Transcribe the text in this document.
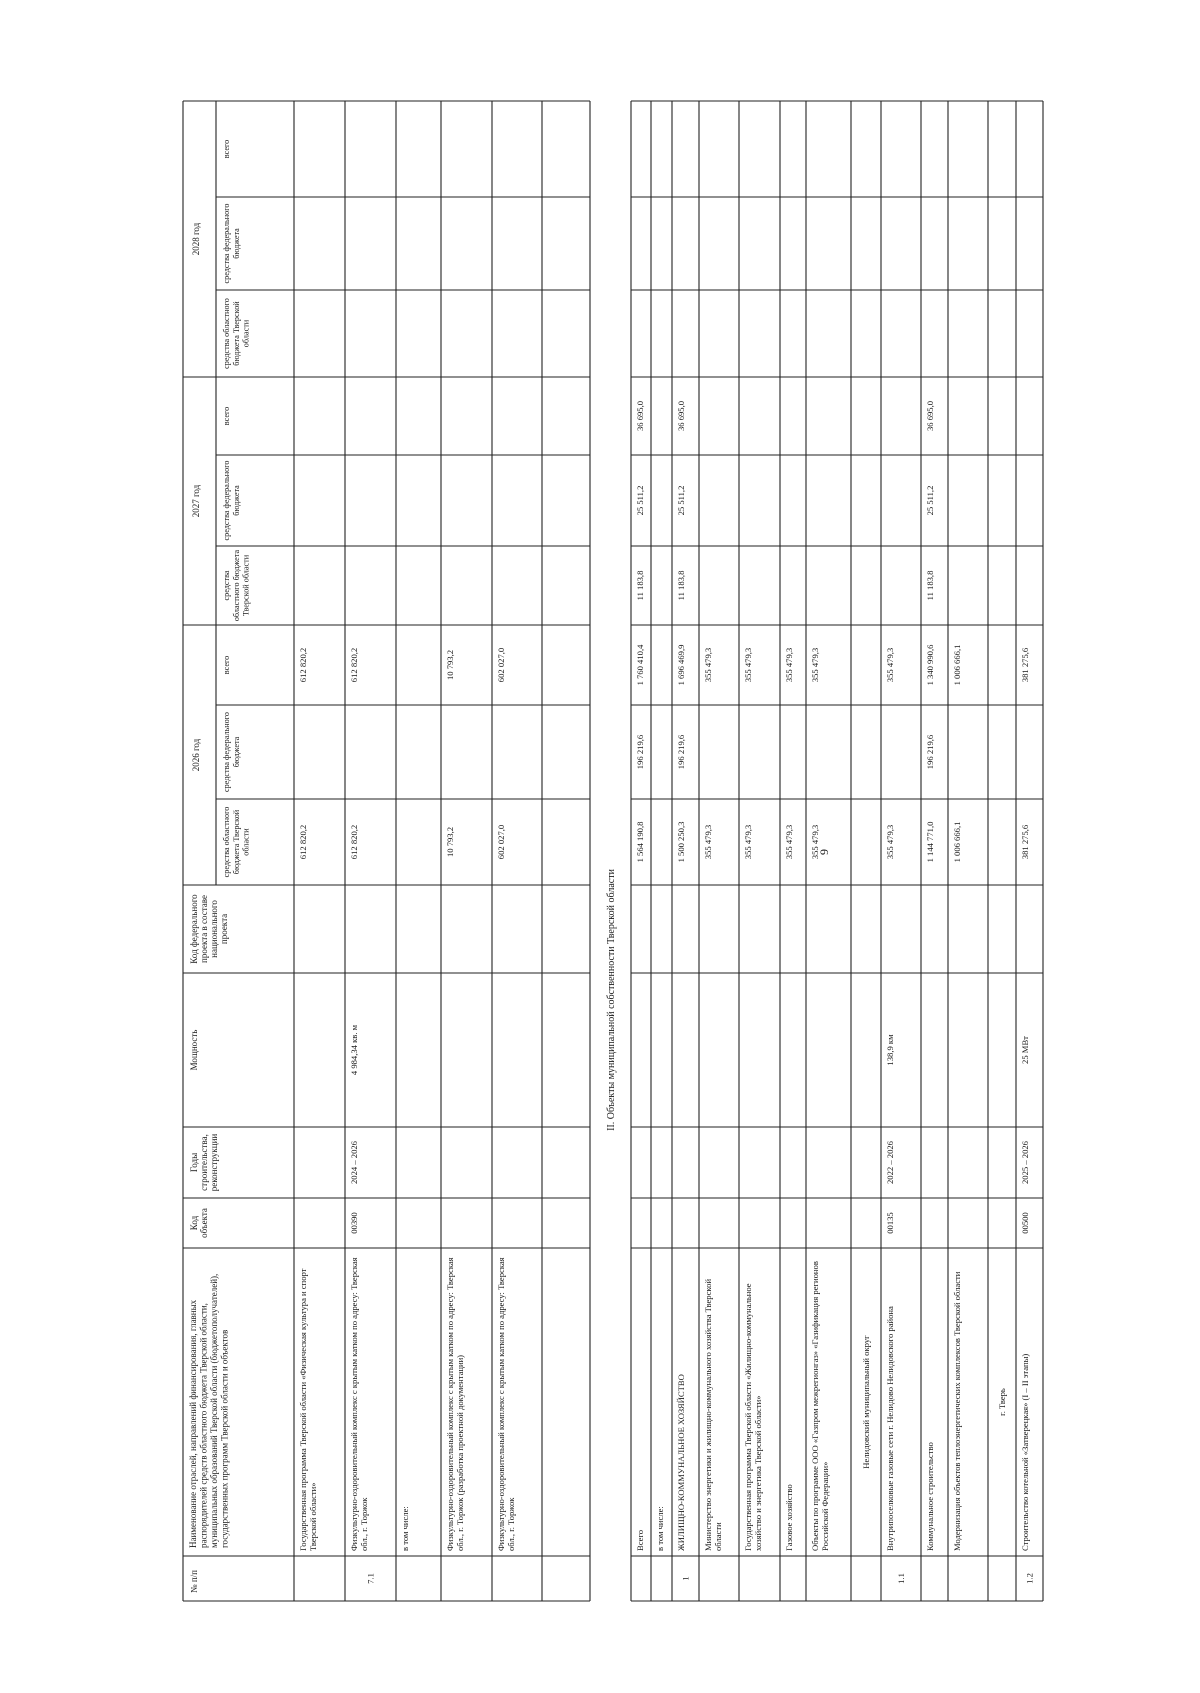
9
II. Объекты муниципальной собственности Тверской области
№ п/п
Наименование отраслей, направлений финансирования, главныхраспорядителей средств областного бюджета Тверской области,муниципальных образований Тверской области (бюджетополучателей),государственных программ Тверской области и объектов
Кодобъекта
Годыстроительства,реконструкции
Мощность
Код федеральногопроекта в составенациональногопроекта
2026 год
средства областногобюджета Тверскойобласти
средства федеральногобюджета
всего
2027 год
средстваобластного бюджетаТверской области
средства федеральногобюджета
всего
2028 год
средства областногобюджета Тверскойобласти
средства федеральногобюджета
всего
Государственная программа Тверской области «Физическая культура и спортТверской области»
612 820,2
612 820,2
7.1
Физкультурно-оздоровительный комплекс с крытым катком по адресу: Тверскаяобл., г. Торжок
00390
2024 – 2026
4 984,34 кв. м
612 820,2
612 820,2
в том числе:	Физкультурно-оздоровительный комплекс с крытым катком по адресу: Тверскаяобл., г. Торжок (разработка проектной документации)
10 793,2
10 793,2
Физкультурно-оздоровительный комплекс с крытым катком по адресу: Тверскаяобл., г. Торжок
602 027,0
602 027,0
Всего
1 564 190,8
196 219,6
1 760 410,4
11 183,8
25 511,2
36 695,0
в том числе:
1
ЖИЛИЩНО-КОММУНАЛЬНОЕ ХОЗЯЙСТВО
1 500 250,3
196 219,6
1 696 469,9
11 183,8
25 511,2
36 695,0
Министерство энергетики и жилищно-коммунального хозяйства Тверскойобласти
355 479,3
355 479,3
Государственная программа Тверской области «Жилищно-коммунальноехозяйство и энергетика Тверской области»
355 479,3
355 479,3
Газовое хозяйство
355 479,3
355 479,3
Объекты по программе ООО «Газпром межрегионгаз» «Газификация регионовРоссийской Федерации»
355 479,3
355 479,3
Нелидовский муниципальный округ
1.1
Внутрипоселковые газовые сети г. Нелидово Нелидовского района
00135
2022 – 2026
138,9 км
355 479,3
355 479,3
Коммунальное строительство
1 144 771,0
196 219,6
1 340 990,6
11 183,8
25 511,2
36 695,0
Модернизация объектов теплоэнергетических комплексов Тверской области
1 006 666,1
1 006 666,1
г. Тверь
1.2
Строительство котельной «Затверецкая» (I – II этапы)
00500
2025 – 2026
25 МВт
381 275,6
381 275,6
